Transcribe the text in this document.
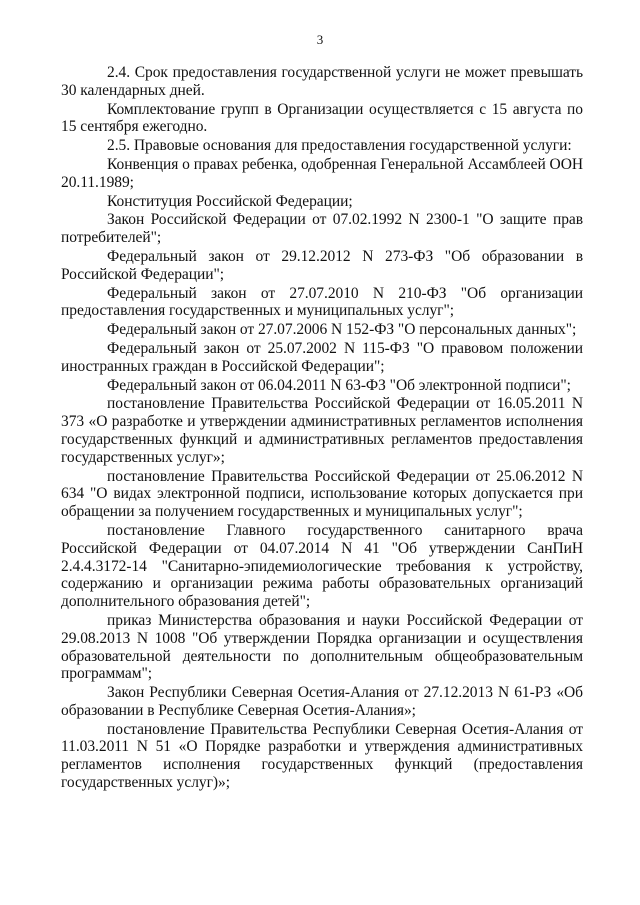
3

2.4. Срок предоставления государственной услуги не может превышать 30 календарных дней.

Комплектование групп в Организации осуществляется с 15 августа по 15 сентября ежегодно.

2.5. Правовые основания для предоставления государственной услуги:

Конвенция о правах ребенка, одобренная Генеральной Ассамблеей ООН 20.11.1989;

Конституция Российской Федерации;

Закон Российской Федерации от 07.02.1992 N 2300-1 "О защите прав потребителей";

Федеральный закон от 29.12.2012 N 273-ФЗ "Об образовании в Российской Федерации";

Федеральный закон от 27.07.2010 N 210-ФЗ "Об организации предоставления государственных и муниципальных услуг";

Федеральный закон от 27.07.2006 N 152-ФЗ "О персональных данных";

Федеральный закон от 25.07.2002 N 115-ФЗ "О правовом положении иностранных граждан в Российской Федерации";

Федеральный закон от 06.04.2011 N 63-ФЗ "Об электронной подписи";

постановление Правительства Российской Федерации от 16.05.2011 N 373 «О разработке и утверждении административных регламентов исполнения государственных функций и административных регламентов предоставления государственных услуг»;

постановление Правительства Российской Федерации от 25.06.2012 N 634 "О видах электронной подписи, использование которых допускается при обращении за получением государственных и муниципальных услуг";

постановление Главного государственного санитарного врача Российской Федерации от 04.07.2014 N 41 "Об утверждении СанПиН 2.4.4.3172-14 "Санитарно-эпидемиологические требования к устройству, содержанию и организации режима работы образовательных организаций дополнительного образования детей";

приказ Министерства образования и науки Российской Федерации от 29.08.2013 N 1008 "Об утверждении Порядка организации и осуществления образовательной деятельности по дополнительным общеобразовательным программам";

Закон Республики Северная Осетия-Алания от 27.12.2013 N 61-РЗ «Об образовании в Республике Северная Осетия-Алания»;

постановление Правительства Республики Северная Осетия-Алания от 11.03.2011 N 51 «О Порядке разработки и утверждения административных регламентов исполнения государственных функций (предоставления государственных услуг)»;
